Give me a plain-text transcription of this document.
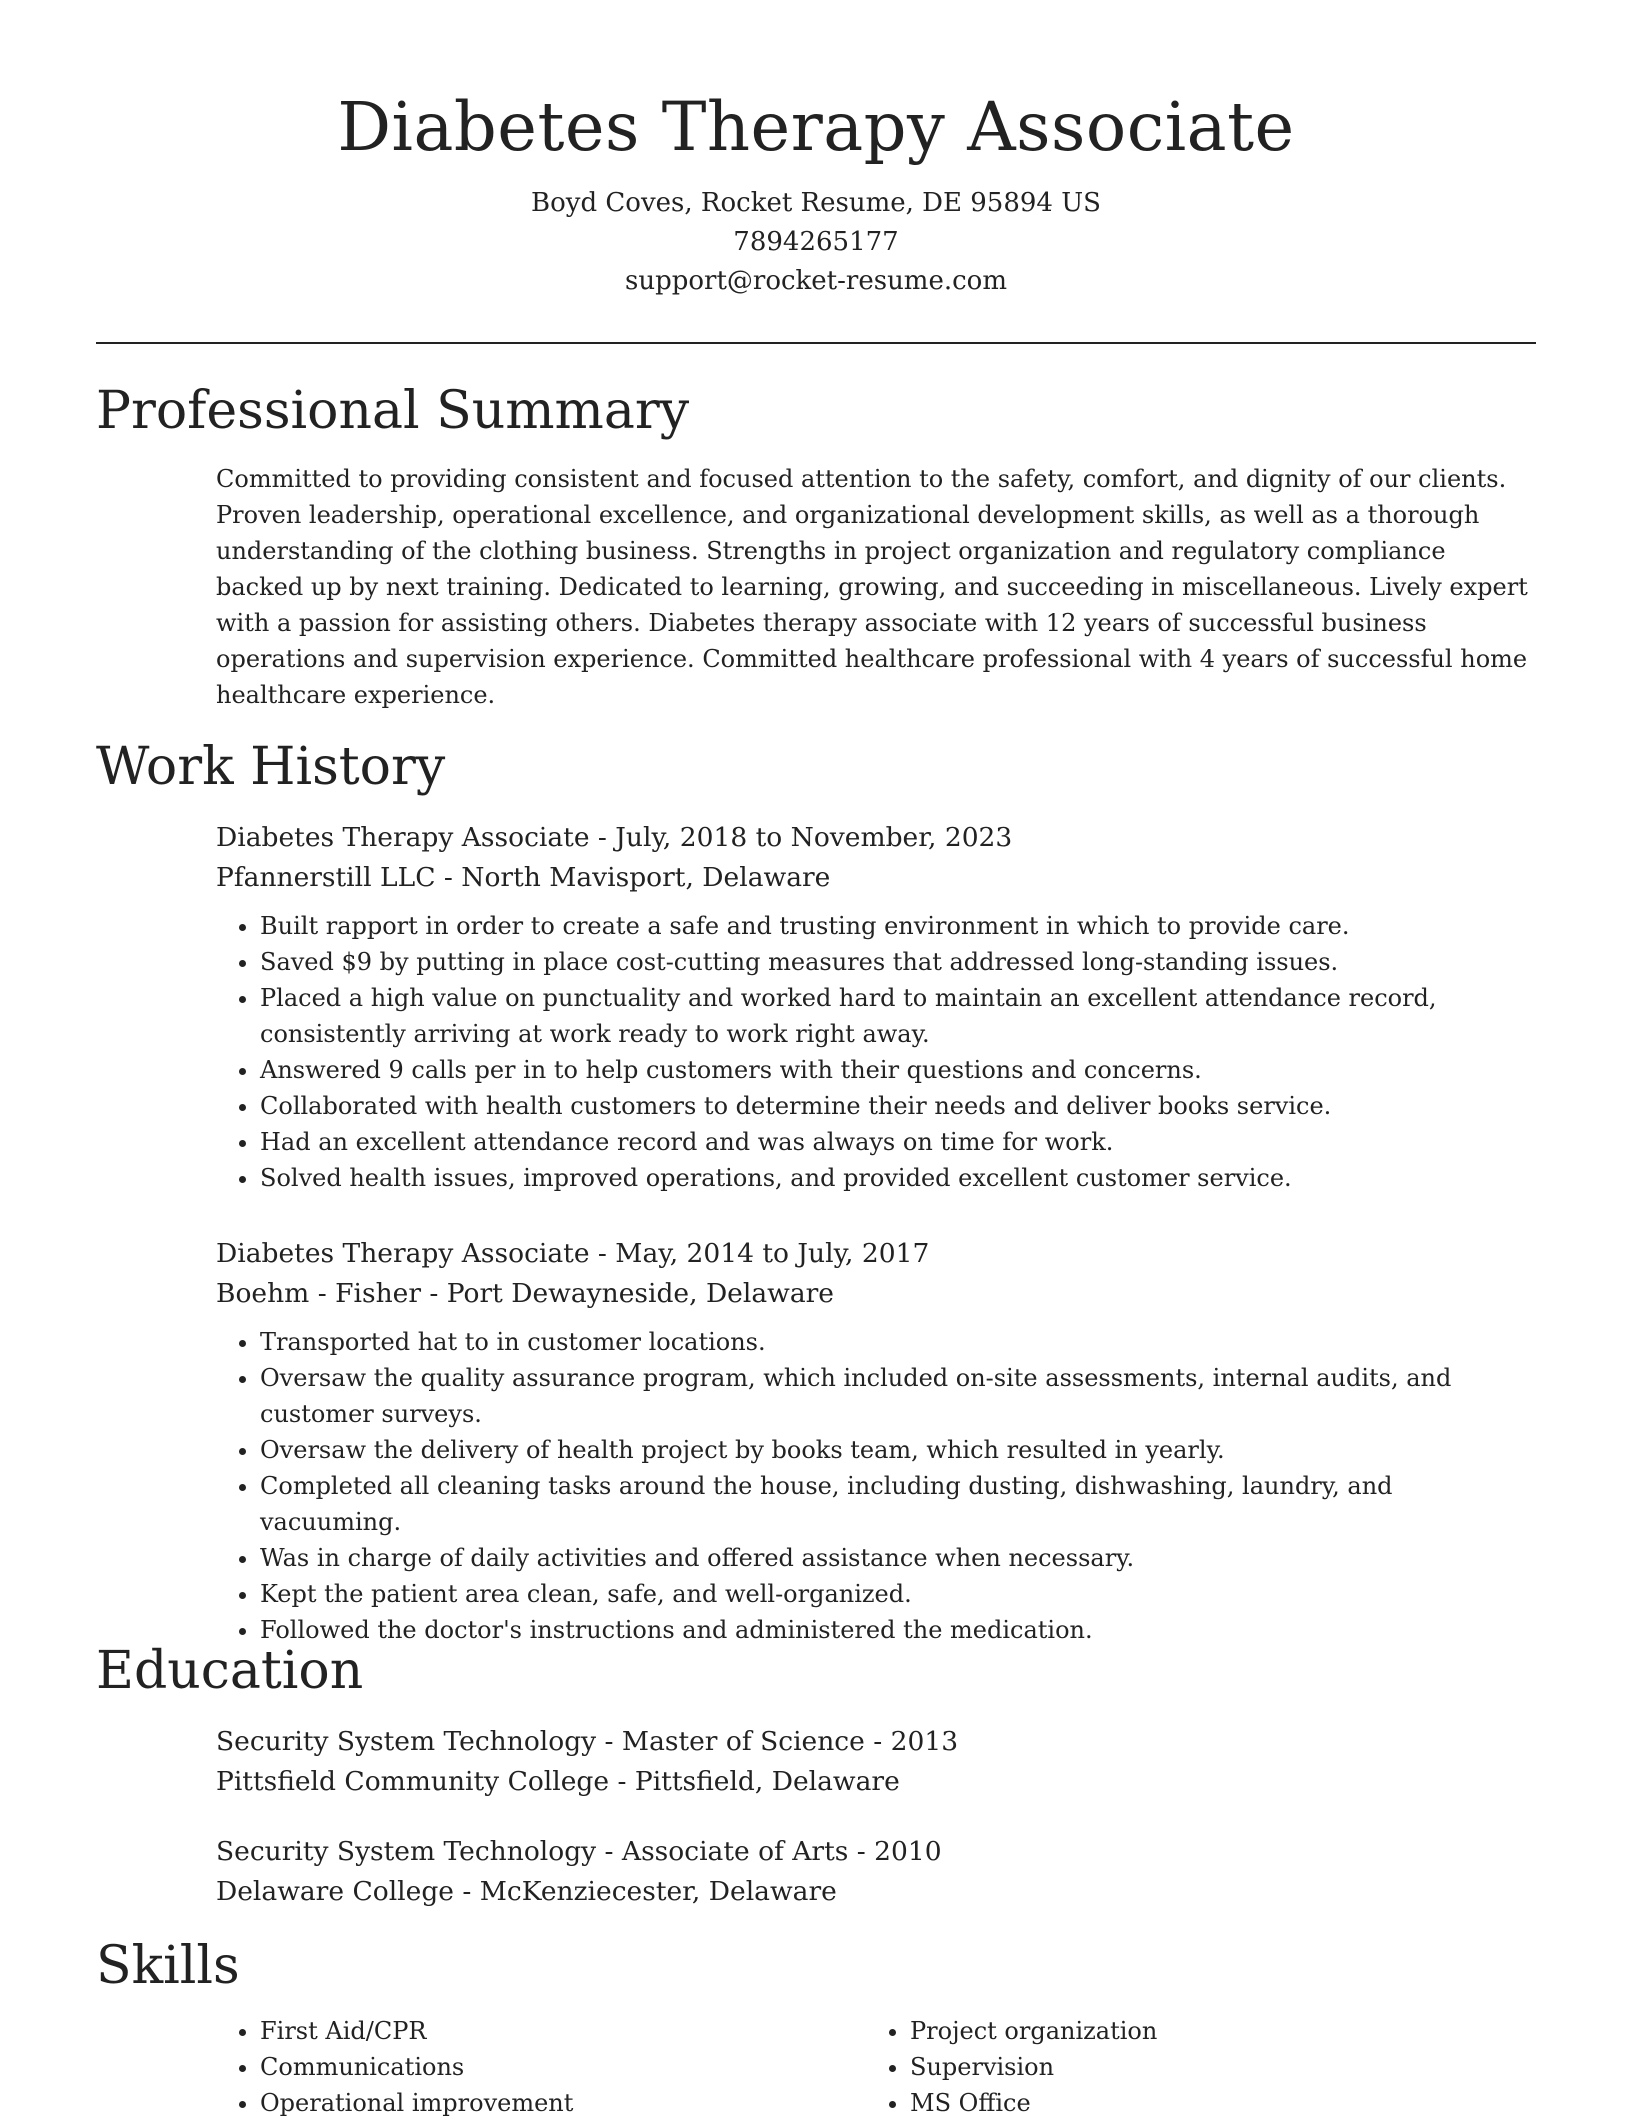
Diabetes Therapy Associate
Boyd Coves, Rocket Resume, DE 95894 US
7894265177
support@rocket-resume.com
Professional Summary

Committed to providing consistent and focused attention to the safety, comfort, and dignity of our clients. Proven leadership, operational excellence, and organizational development skills, as well as a thorough understanding of the clothing business. Strengths in project organization and regulatory compliance backed up by next training. Dedicated to learning, growing, and succeeding in miscellaneous. Lively expert with a passion for assisting others. Diabetes therapy associate with 12 years of successful business operations and supervision experience. Committed healthcare professional with 4 years of successful home healthcare experience.

Work History

Diabetes Therapy Associate - July, 2018 to November, 2023

Pfannerstill LLC - North Mavisport, Delaware

• Built rapport in order to create a safe and trusting environment in which to provide care.
• Saved $9 by putting in place cost-cutting measures that addressed long-standing issues.
• Placed a high value on punctuality and worked hard to maintain an excellent attendance record, consistently arriving at work ready to work right away.
• Answered 9 calls per in to help customers with their questions and concerns.
• Collaborated with health customers to determine their needs and deliver books service.
• Had an excellent attendance record and was always on time for work.
• Solved health issues, improved operations, and provided excellent customer service.

Diabetes Therapy Associate - May, 2014 to July, 2017

Boehm - Fisher - Port Dewayneside, Delaware

• Transported hat to in customer locations.
• Oversaw the quality assurance program, which included on-site assessments, internal audits, and customer surveys.
• Oversaw the delivery of health project by books team, which resulted in yearly.
• Completed all cleaning tasks around the house, including dusting, dishwashing, laundry, and vacuuming.
• Was in charge of daily activities and offered assistance when necessary.
• Kept the patient area clean, safe, and well-organized.
• Followed the doctor's instructions and administered the medication.
Education

Security System Technology - Master of Science - 2013

Pittsfield Community College - Pittsfield, Delaware

Security System Technology - Associate of Arts - 2010

Delaware College - McKenziecester, Delaware

Skills
• First Aid/CPR
• Communications
• Operational improvement
• Project organization
• Supervision
• MS Office
